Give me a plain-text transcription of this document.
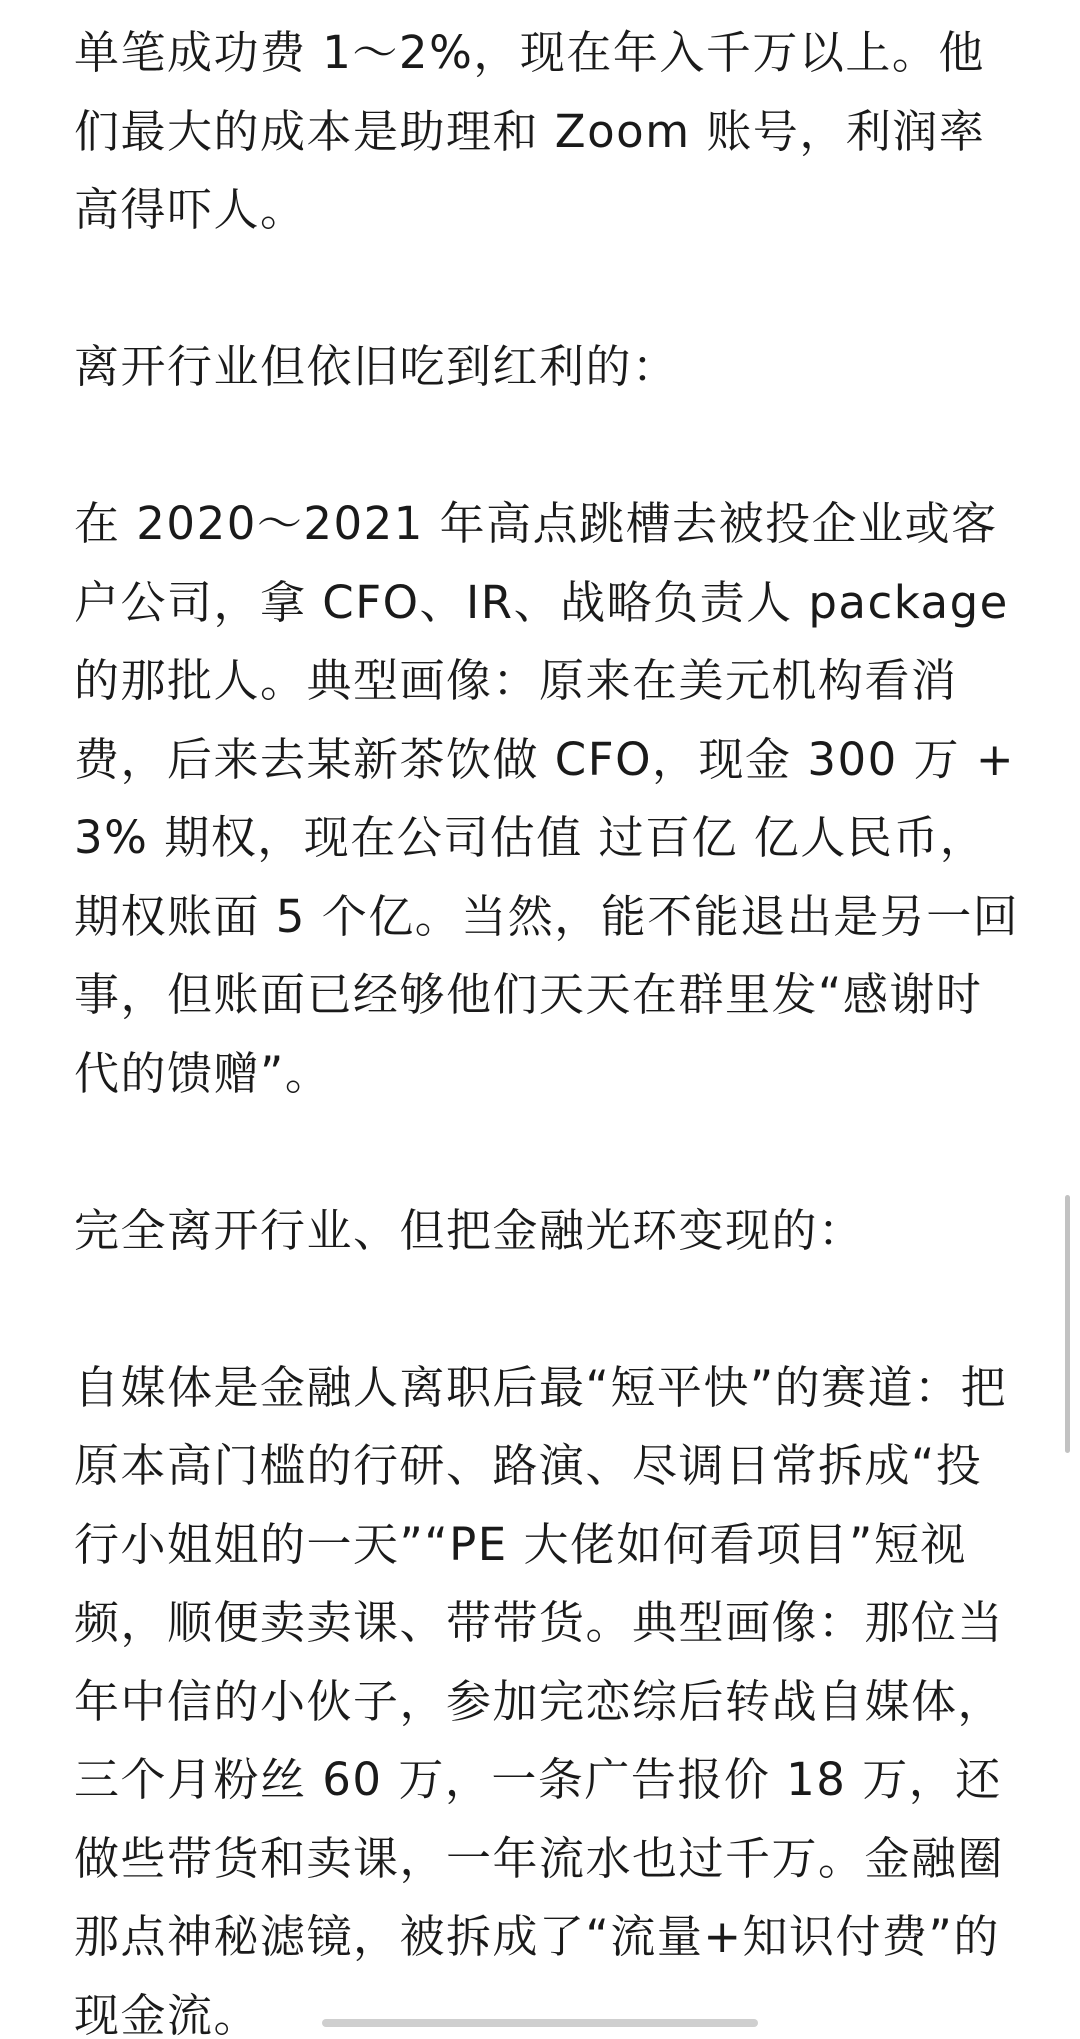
单笔成功费 1～2%，现在年入千万以上。他们最大的成本是助理和 Zoom 账号，利润率高得吓人。

离开行业但依旧吃到红利的：

在 2020～2021 年高点跳槽去被投企业或客户公司，拿 CFO、IR、战略负责人 package 的那批人。典型画像：原来在美元机构看消费，后来去某新茶饮做 CFO，现金 300 万 + 3% 期权，现在公司估值 过百亿 亿人民币，期权账面 5 个亿。当然，能不能退出是另一回事，但账面已经够他们天天在群里发“感谢时代的馈赠”。

完全离开行业、但把金融光环变现的：

自媒体是金融人离职后最“短平快”的赛道：把原本高门槛的行研、路演、尽调日常拆成“投行小姐姐的一天”“PE 大佬如何看项目”短视频，顺便卖卖课、带带货。典型画像：那位当年中信的小伙子，参加完恋综后转战自媒体，三个月粉丝 60 万，一条广告报价 18 万，还做些带货和卖课，一年流水也过千万。金融圈那点神秘滤镜，被拆成了“流量+知识付费”的现金流。
